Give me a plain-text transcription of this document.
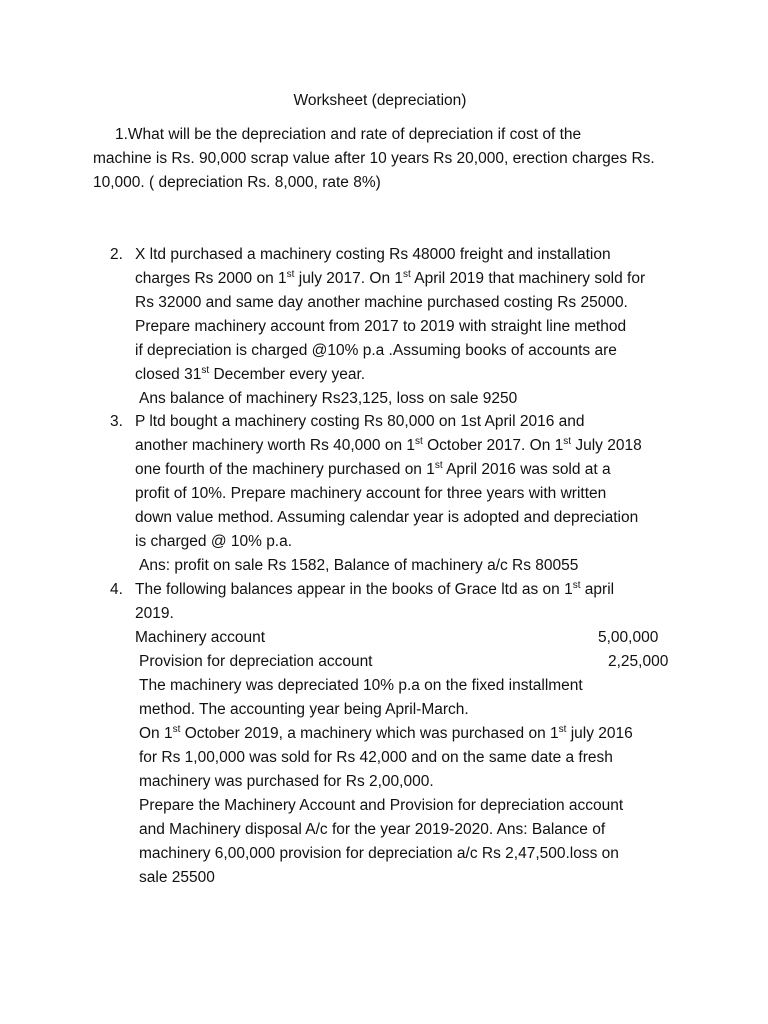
Worksheet (depreciation)
1.What will be the depreciation and rate of depreciation if cost of the
machine is Rs. 90,000 scrap value after 10 years Rs 20,000, erection charges Rs.
10,000. ( depreciation Rs. 8,000, rate 8%)
2. X ltd purchased a machinery costing Rs 48000 freight and installation
charges Rs 2000 on 1st july 2017. On 1st April 2019 that machinery sold for
Rs 32000 and same day another machine purchased costing Rs 25000.
Prepare machinery account from 2017 to 2019 with straight line method
if depreciation is charged @10% p.a .Assuming books of accounts are
closed 31st December every year.
Ans balance of machinery Rs23,125, loss on sale 9250
3. P ltd bought a machinery costing Rs 80,000 on 1st April 2016 and
another machinery worth Rs 40,000 on 1st October 2017. On 1st July 2018
one fourth of the machinery purchased on 1st April 2016 was sold at a
profit of 10%. Prepare machinery account for three years with written
down value method. Assuming calendar year is adopted and depreciation
is charged @ 10% p.a.
Ans: profit on sale Rs 1582, Balance of machinery a/c Rs 80055
4. The following balances appear in the books of Grace ltd as on 1st april
2019.
Machinery account	5,00,000
Provision for depreciation account	2,25,000
The machinery was depreciated 10% p.a on the fixed installment
method. The accounting year being April-March.
On 1st October 2019, a machinery which was purchased on 1st july 2016
for Rs 1,00,000 was sold for Rs 42,000 and on the same date a fresh
machinery was purchased for Rs 2,00,000.
Prepare the Machinery Account and Provision for depreciation account
and Machinery disposal A/c for the year 2019-2020. Ans: Balance of
machinery 6,00,000 provision for depreciation a/c Rs 2,47,500.loss on
sale 25500
